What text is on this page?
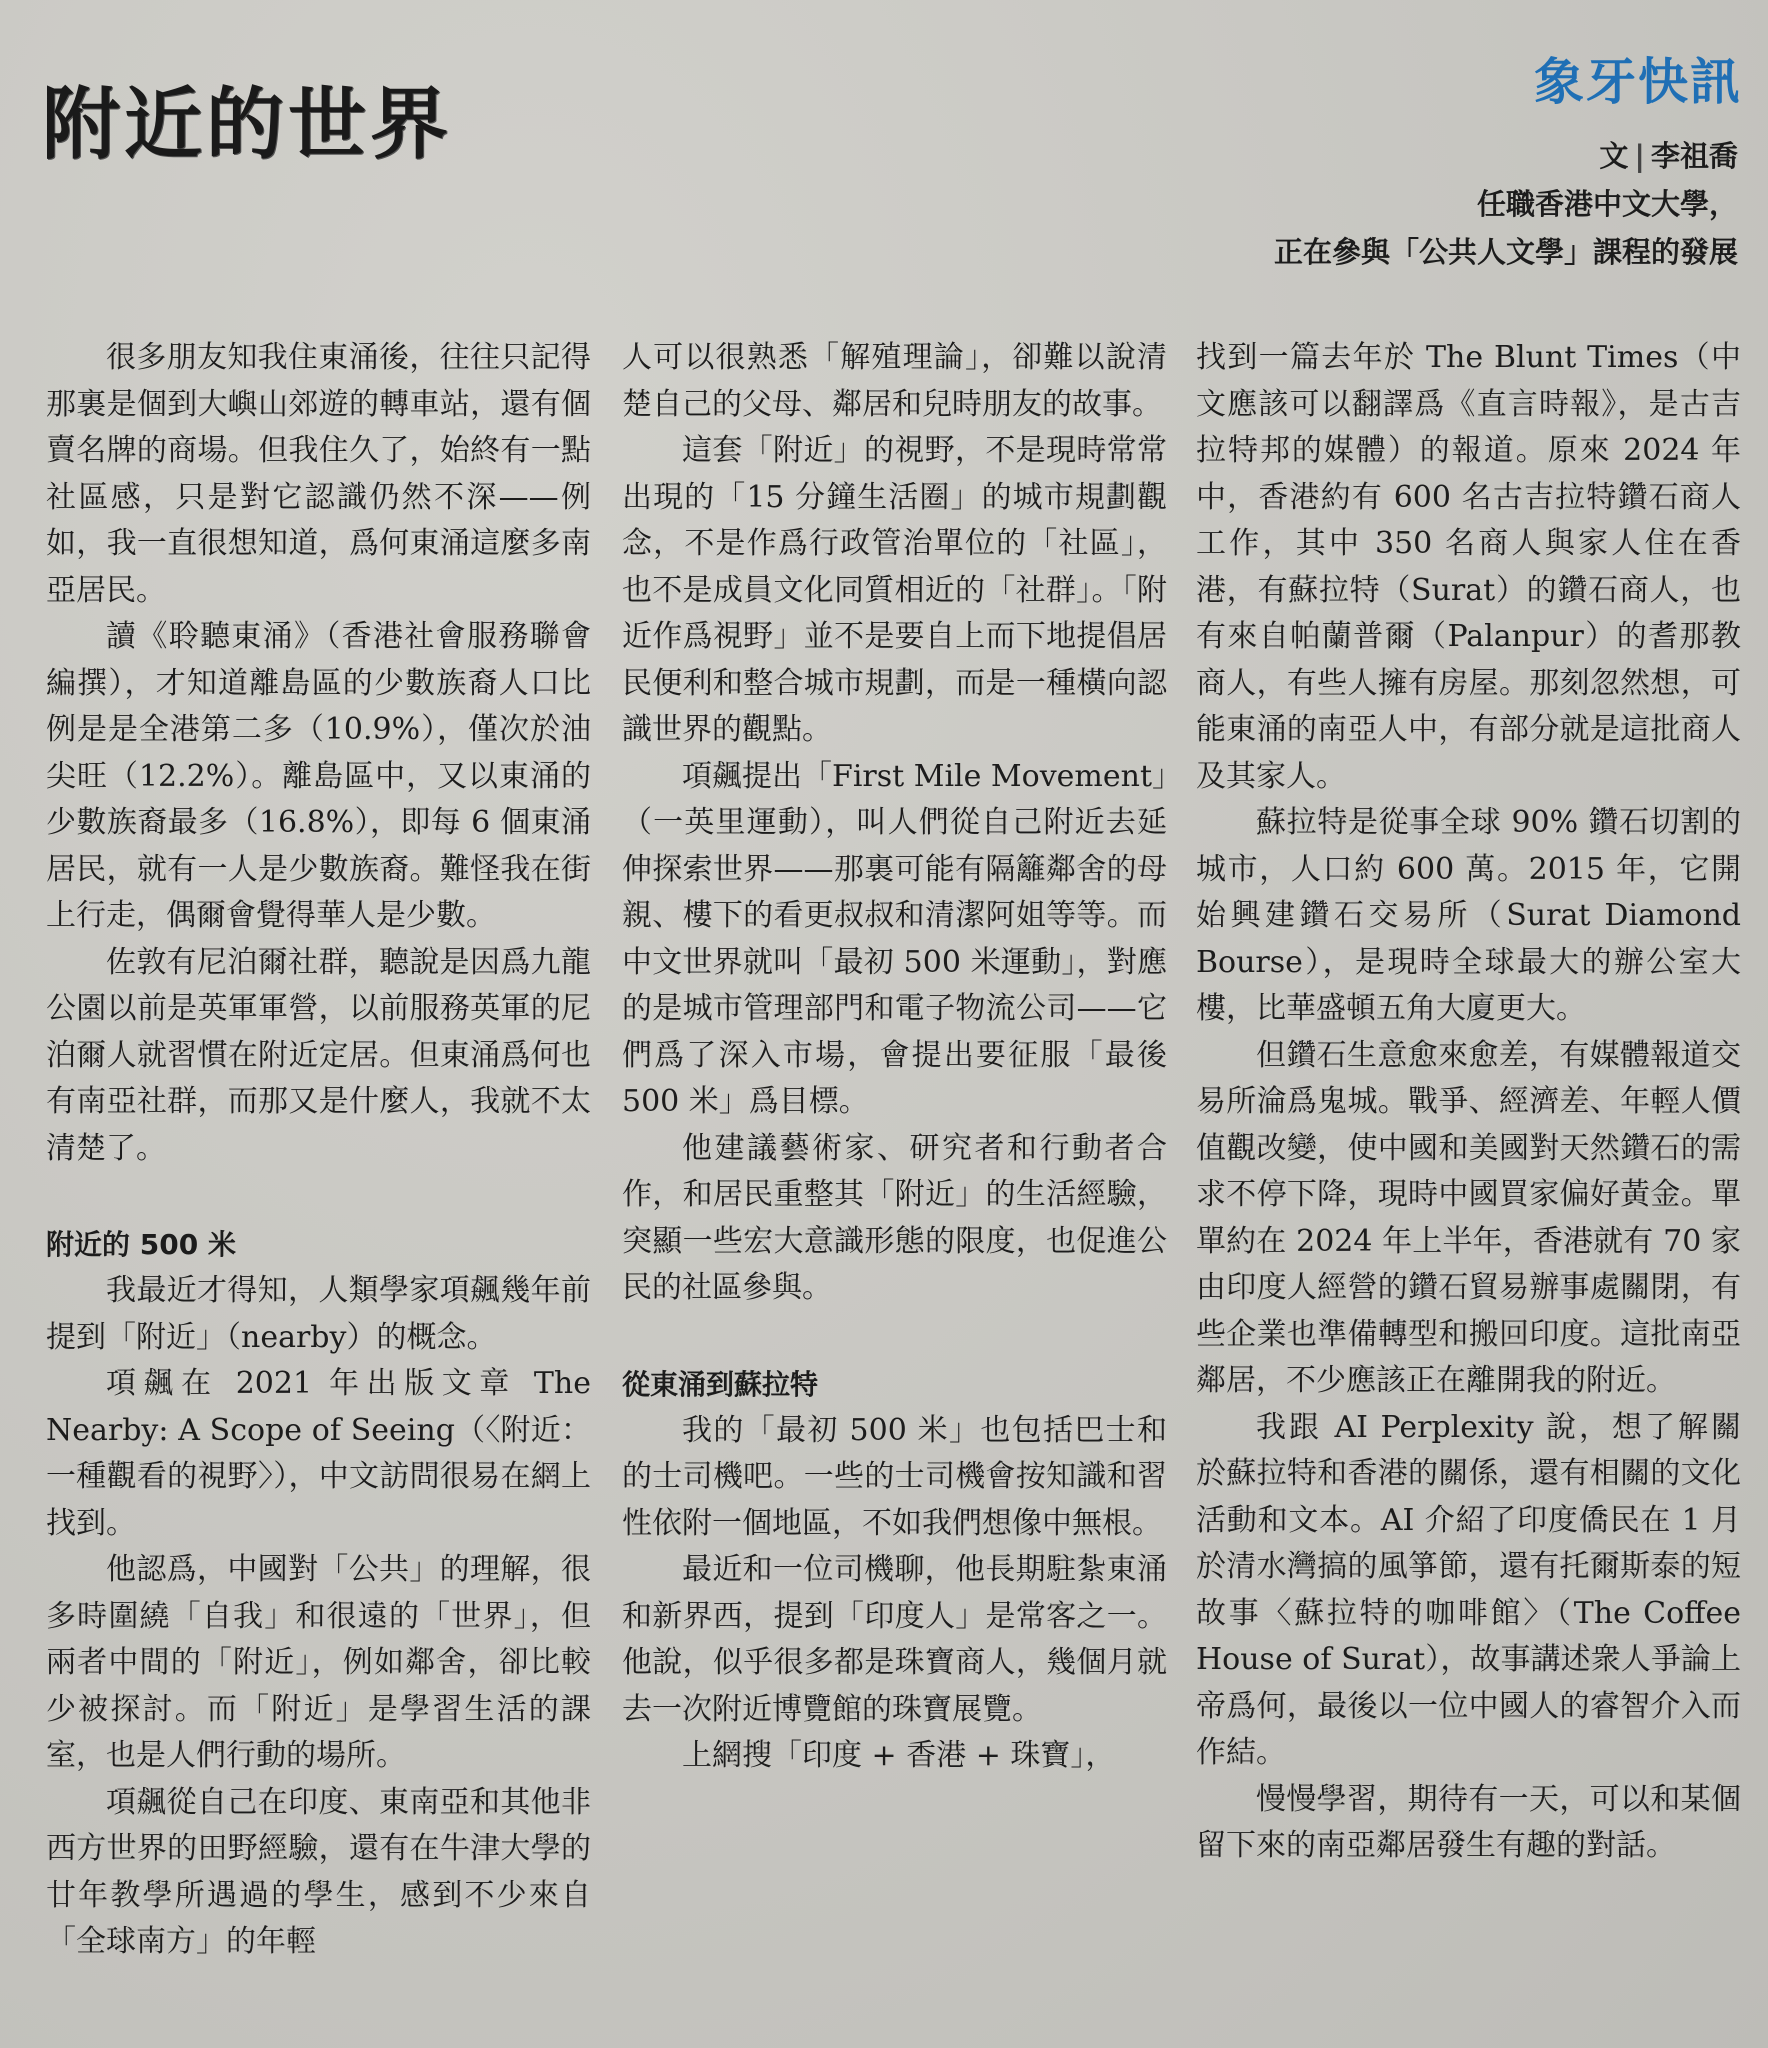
附近的世界	象牙快訊
文 | 李祖喬
任職香港中文大學，
正在參與「公共人文學」課程的發展

很多朋友知我住東涌後，往往只記得那裏是個到大嶼山郊遊的轉車站，還有個賣名牌的商場。但我住久了，始終有一點社區感，只是對它認識仍然不深——例如，我一直很想知道，爲何東涌這麼多南亞居民。

讀《聆聽東涌》（香港社會服務聯會編撰），才知道離島區的少數族裔人口比例是是全港第二多（10.9%），僅次於油尖旺（12.2%）。離島區中，又以東涌的少數族裔最多（16.8%），即每 6 個東涌居民，就有一人是少數族裔。難怪我在街上行走，偶爾會覺得華人是少數。

佐敦有尼泊爾社群，聽說是因爲九龍公園以前是英軍軍營，以前服務英軍的尼泊爾人就習慣在附近定居。但東涌爲何也有南亞社群，而那又是什麼人，我就不太清楚了。

附近的 500 米

我最近才得知，人類學家項飆幾年前提到「附近」（nearby）的概念。

項飆在 2021 年出版文章 The Nearby: A Scope of Seeing（〈附近：一種觀看的視野〉），中文訪問很易在網上找到。

他認爲，中國對「公共」的理解，很多時圍繞「自我」和很遠的「世界」，但兩者中間的「附近」，例如鄰舍，卻比較少被探討。而「附近」是學習生活的課室，也是人們行動的場所。

項飆從自己在印度、東南亞和其他非西方世界的田野經驗，還有在牛津大學的廿年教學所遇過的學生，感到不少來自「全球南方」的年輕

人可以很熟悉「解殖理論」，卻難以說清楚自己的父母、鄰居和兒時朋友的故事。

這套「附近」的視野，不是現時常常出現的「15 分鐘生活圈」的城市規劃觀念，不是作爲行政管治單位的「社區」，也不是成員文化同質相近的「社群」。「附近作爲視野」並不是要自上而下地提倡居民便利和整合城市規劃，而是一種橫向認識世界的觀點。

項飆提出「First Mile Movement」（一英里運動），叫人們從自己附近去延伸探索世界——那裏可能有隔籬鄰舍的母親、樓下的看更叔叔和清潔阿姐等等。而中文世界就叫「最初 500 米運動」，對應的是城市管理部門和電子物流公司——它們爲了深入市場，會提出要征服「最後 500 米」爲目標。

他建議藝術家、研究者和行動者合作，和居民重整其「附近」的生活經驗，突顯一些宏大意識形態的限度，也促進公民的社區參與。

從東涌到蘇拉特

我的「最初 500 米」也包括巴士和的士司機吧。一些的士司機會按知識和習性依附一個地區，不如我們想像中無根。

最近和一位司機聊，他長期駐紮東涌和新界西，提到「印度人」是常客之一。他說，似乎很多都是珠寶商人，幾個月就去一次附近博覽館的珠寶展覽。

上網搜「印度 + 香港 + 珠寶」，

找到一篇去年於 The Blunt Times（中文應該可以翻譯爲《直言時報》，是古吉拉特邦的媒體）的報道。原來 2024 年中，香港約有 600 名古吉拉特鑽石商人工作，其中 350 名商人與家人住在香港，有蘇拉特（Surat）的鑽石商人，也有來自帕蘭普爾（Palanpur）的耆那教商人，有些人擁有房屋。那刻忽然想，可能東涌的南亞人中，有部分就是這批商人及其家人。

蘇拉特是從事全球 90% 鑽石切割的城市，人口約 600 萬。2015 年，它開始興建鑽石交易所（Surat Diamond Bourse），是現時全球最大的辦公室大樓，比華盛頓五角大廈更大。

但鑽石生意愈來愈差，有媒體報道交易所淪爲鬼城。戰爭、經濟差、年輕人價值觀改變，使中國和美國對天然鑽石的需求不停下降，現時中國買家偏好黃金。單單約在 2024 年上半年，香港就有 70 家由印度人經營的鑽石貿易辦事處關閉，有些企業也準備轉型和搬回印度。這批南亞鄰居，不少應該正在離開我的附近。

我跟 AI Perplexity 說，想了解關於蘇拉特和香港的關係，還有相關的文化活動和文本。AI 介紹了印度僑民在 1 月於清水灣搞的風箏節，還有托爾斯泰的短故事〈蘇拉特的咖啡館〉（The Coffee House of Surat），故事講述衆人爭論上帝爲何，最後以一位中國人的睿智介入而作結。

慢慢學習，期待有一天，可以和某個留下來的南亞鄰居發生有趣的對話。
